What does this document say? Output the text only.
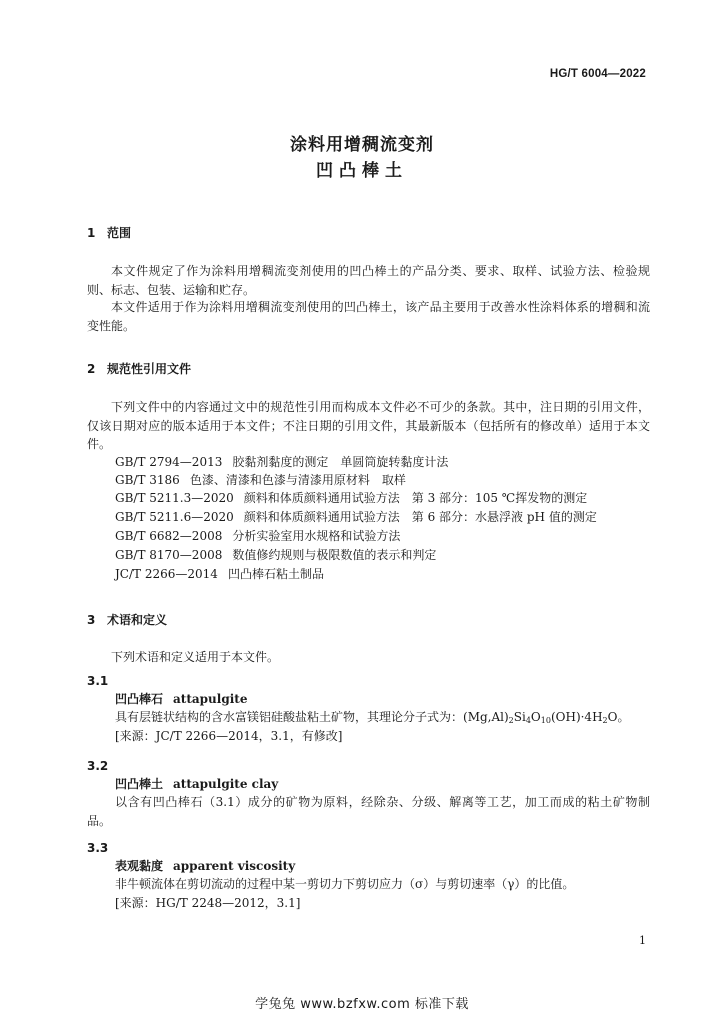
HG/T 6004—2022
涂料用增稠流变剂
凹凸棒土
1 范围
本文件规定了作为涂料用增稠流变剂使用的凹凸棒土的产品分类、要求、取样、试验方法、检验规则、标志、包装、运输和贮存。
本文件适用于作为涂料用增稠流变剂使用的凹凸棒土，该产品主要用于改善水性涂料体系的增稠和流变性能。
2 规范性引用文件
下列文件中的内容通过文中的规范性引用而构成本文件必不可少的条款。其中，注日期的引用文件，仅该日期对应的版本适用于本文件；不注日期的引用文件，其最新版本（包括所有的修改单）适用于本文件。
GB/T 2794—2013 胶黏剂黏度的测定　单圆筒旋转黏度计法
GB/T 3186 色漆、清漆和色漆与清漆用原材料　取样
GB/T 5211.3—2020 颜料和体质颜料通用试验方法　第 3 部分：105 ℃挥发物的测定
GB/T 5211.6—2020 颜料和体质颜料通用试验方法　第 6 部分：水悬浮液 pH 值的测定
GB/T 6682—2008 分析实验室用水规格和试验方法
GB/T 8170—2008 数值修约规则与极限数值的表示和判定
JC/T 2266—2014 凹凸棒石粘土制品
3 术语和定义
下列术语和定义适用于本文件。
3.1
凹凸棒石 attapulgite
具有层链状结构的含水富镁铝硅酸盐粘土矿物，其理论分子式为：$(Mg,Al)_2Si_4O_{10}(OH)\cdot 4H_2O$。
[来源：JC/T 2266—2014，3.1，有修改]
3.2
凹凸棒土 attapulgite clay
以含有凹凸棒石（3.1）成分的矿物为原料，经除杂、分级、解离等工艺，加工而成的粘土矿物制品。
3.3
表观黏度 apparent viscosity
非牛顿流体在剪切流动的过程中某一剪切力下剪切应力（σ）与剪切速率（γ）的比值。
[来源：HG/T 2248—2012，3.1]
1
学兔兔 www.bzfxw.com 标准下载
